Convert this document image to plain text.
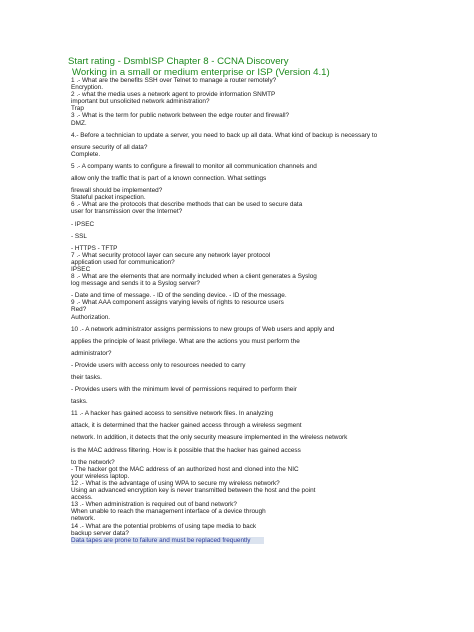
Start rating - DsmbISP Chapter 8 - CCNA Discovery
Working in a small or medium enterprise or ISP (Version 4.1)
1 .- What are the benefits SSH over Telnet to manage a router remotely?
Encryption.
2 .- what the media uses a network agent to provide information SNMTP
important but unsolicited network administration?
Trap
3 .- What is the term for public network between the edge router and firewall?
DMZ.
4.- Before a technician to update a server, you need to back up all data. What kind of backup is necessary to
ensure security of all data?
Complete.
5 .- A company wants to configure a firewall to monitor all communication channels and
allow only the traffic that is part of a known connection. What settings
firewall should be implemented?
Stateful packet inspection.
6 .- What are the protocols that describe methods that can be used to secure data
user for transmission over the Internet?
- IPSEC
- SSL
- HTTPS - TFTP
7 .- What security protocol layer can secure any network layer protocol
application used for communication?
IPSEC
8 .- What are the elements that are normally included when a client generates a Syslog
log message and sends it to a Syslog server?
- Date and time of message. - ID of the sending device. - ID of the message.
9 .- What AAA component assigns varying levels of rights to resource users
Red?
Authorization.
10 .- A network administrator assigns permissions to new groups of Web users and apply and
applies the principle of least privilege. What are the actions you must perform the
administrator?
- Provide users with access only to resources needed to carry
their tasks.
- Provides users with the minimum level of permissions required to perform their
tasks.
11 .- A hacker has gained access to sensitive network files. In analyzing
attack, it is determined that the hacker gained access through a wireless segment
network. In addition, it detects that the only security measure implemented in the wireless network
is the MAC address filtering. How is it possible that the hacker has gained access
to the network?
- The hacker got the MAC address of an authorized host and cloned into the NIC
your wireless laptop.
12 .- What is the advantage of using WPA to secure my wireless network?
Using an advanced encryption key is never transmitted between the host and the point
access.
13 .- When administration is required out of band network?
When unable to reach the management interface of a device through
network.
14 .- What are the potential problems of using tape media to back
backup server data?
Data tapes are prone to failure and must be replaced frequently
